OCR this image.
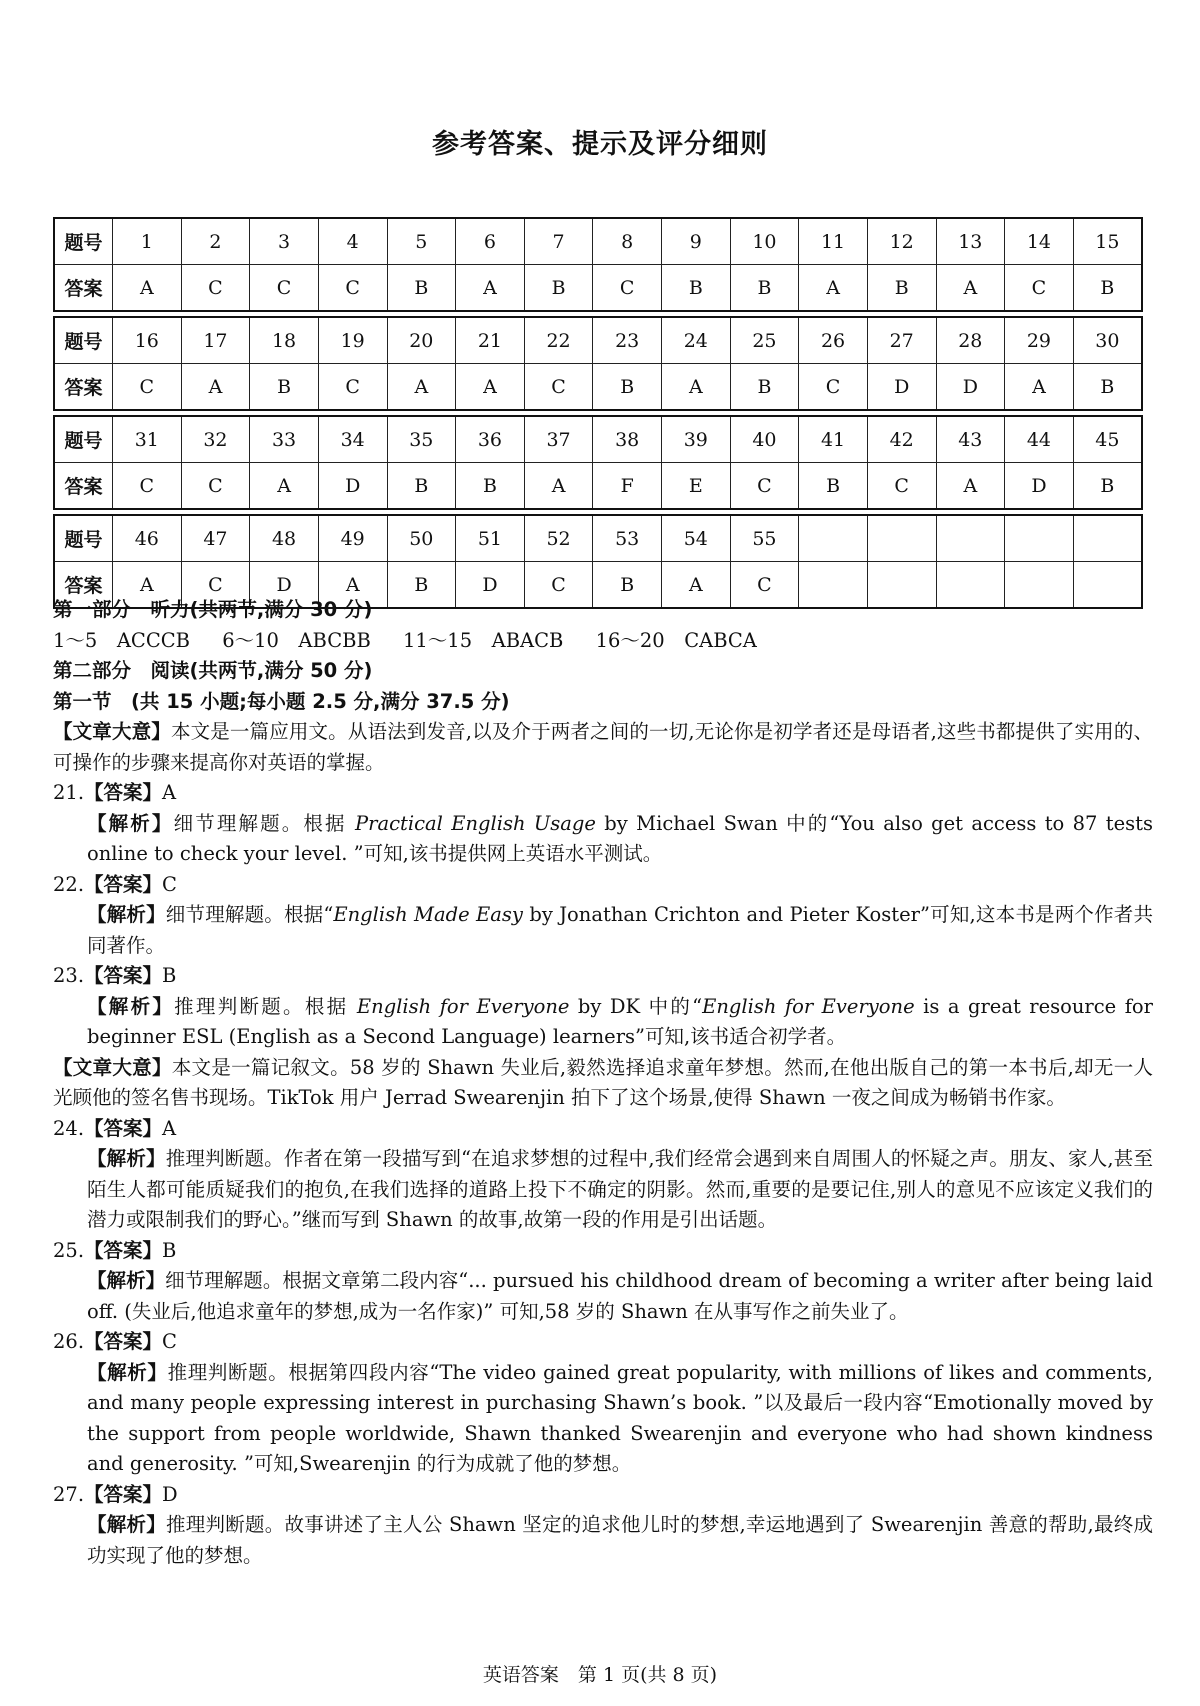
参考答案、提示及评分细则
题号	1	2	3	4	5	6	7	8	9	10	11	12	13	14	15
答案	A	C	C	C	B	A	B	C	B	B	A	B	A	C	B
题号	16	17	18	19	20	21	22	23	24	25	26	27	28	29	30
答案	C	A	B	C	A	A	C	B	A	B	C	D	D	A	B
题号	31	32	33	34	35	36	37	38	39	40	41	42	43	44	45
答案	C	C	A	D	B	B	A	F	E	C	B	C	A	D	B
题号	46	47	48	49	50	51	52	53	54	55					
答案	A	C	D	A	B	D	C	B	A	C					
第一部分　听力(共两节,满分 30 分)
1～5　ACCCB 6～10　ABCBB 11～15　ABACB 16～20　CABCA
第二部分　阅读(共两节,满分 50 分)
第一节　(共 15 小题;每小题 2.5 分,满分 37.5 分)
【文章大意】本文是一篇应用文。从语法到发音,以及介于两者之间的一切,无论你是初学者还是母语者,这些书都提供了实用的、可操作的步骤来提高你对英语的掌握。
21.【答案】A
【解析】细节理解题。根据 Practical English Usage by Michael Swan 中的“You also get access to 87 tests online to check your level. ”可知,该书提供网上英语水平测试。
22.【答案】C
【解析】细节理解题。根据“English Made Easy by Jonathan Crichton and Pieter Koster”可知,这本书是两个作者共同著作。
23.【答案】B
【解析】推理判断题。根据 English for Everyone by DK 中的“English for Everyone is a great resource for beginner ESL (English as a Second Language) learners”可知,该书适合初学者。
【文章大意】本文是一篇记叙文。58 岁的 Shawn 失业后,毅然选择追求童年梦想。然而,在他出版自己的第一本书后,却无一人光顾他的签名售书现场。TikTok 用户 Jerrad Swearenjin 拍下了这个场景,使得 Shawn 一夜之间成为畅销书作家。
24.【答案】A
【解析】推理判断题。作者在第一段描写到“在追求梦想的过程中,我们经常会遇到来自周围人的怀疑之声。朋友、家人,甚至陌生人都可能质疑我们的抱负,在我们选择的道路上投下不确定的阴影。然而,重要的是要记住,别人的意见不应该定义我们的潜力或限制我们的野心。”继而写到 Shawn 的故事,故第一段的作用是引出话题。
25.【答案】B
【解析】细节理解题。根据文章第二段内容“... pursued his childhood dream of becoming a writer after being laid off. (失业后,他追求童年的梦想,成为一名作家)” 可知,58 岁的 Shawn 在从事写作之前失业了。
26.【答案】C
【解析】推理判断题。根据第四段内容“The video gained great popularity, with millions of likes and comments, and many people expressing interest in purchasing Shawn’s book. ”以及最后一段内容“Emotionally moved by the support from people worldwide, Shawn thanked Swearenjin and everyone who had shown kindness and generosity. ”可知,Swearenjin 的行为成就了他的梦想。
27.【答案】D
【解析】推理判断题。故事讲述了主人公 Shawn 坚定的追求他儿时的梦想,幸运地遇到了 Swearenjin 善意的帮助,最终成功实现了他的梦想。
英语答案　第 1 页(共 8 页)
